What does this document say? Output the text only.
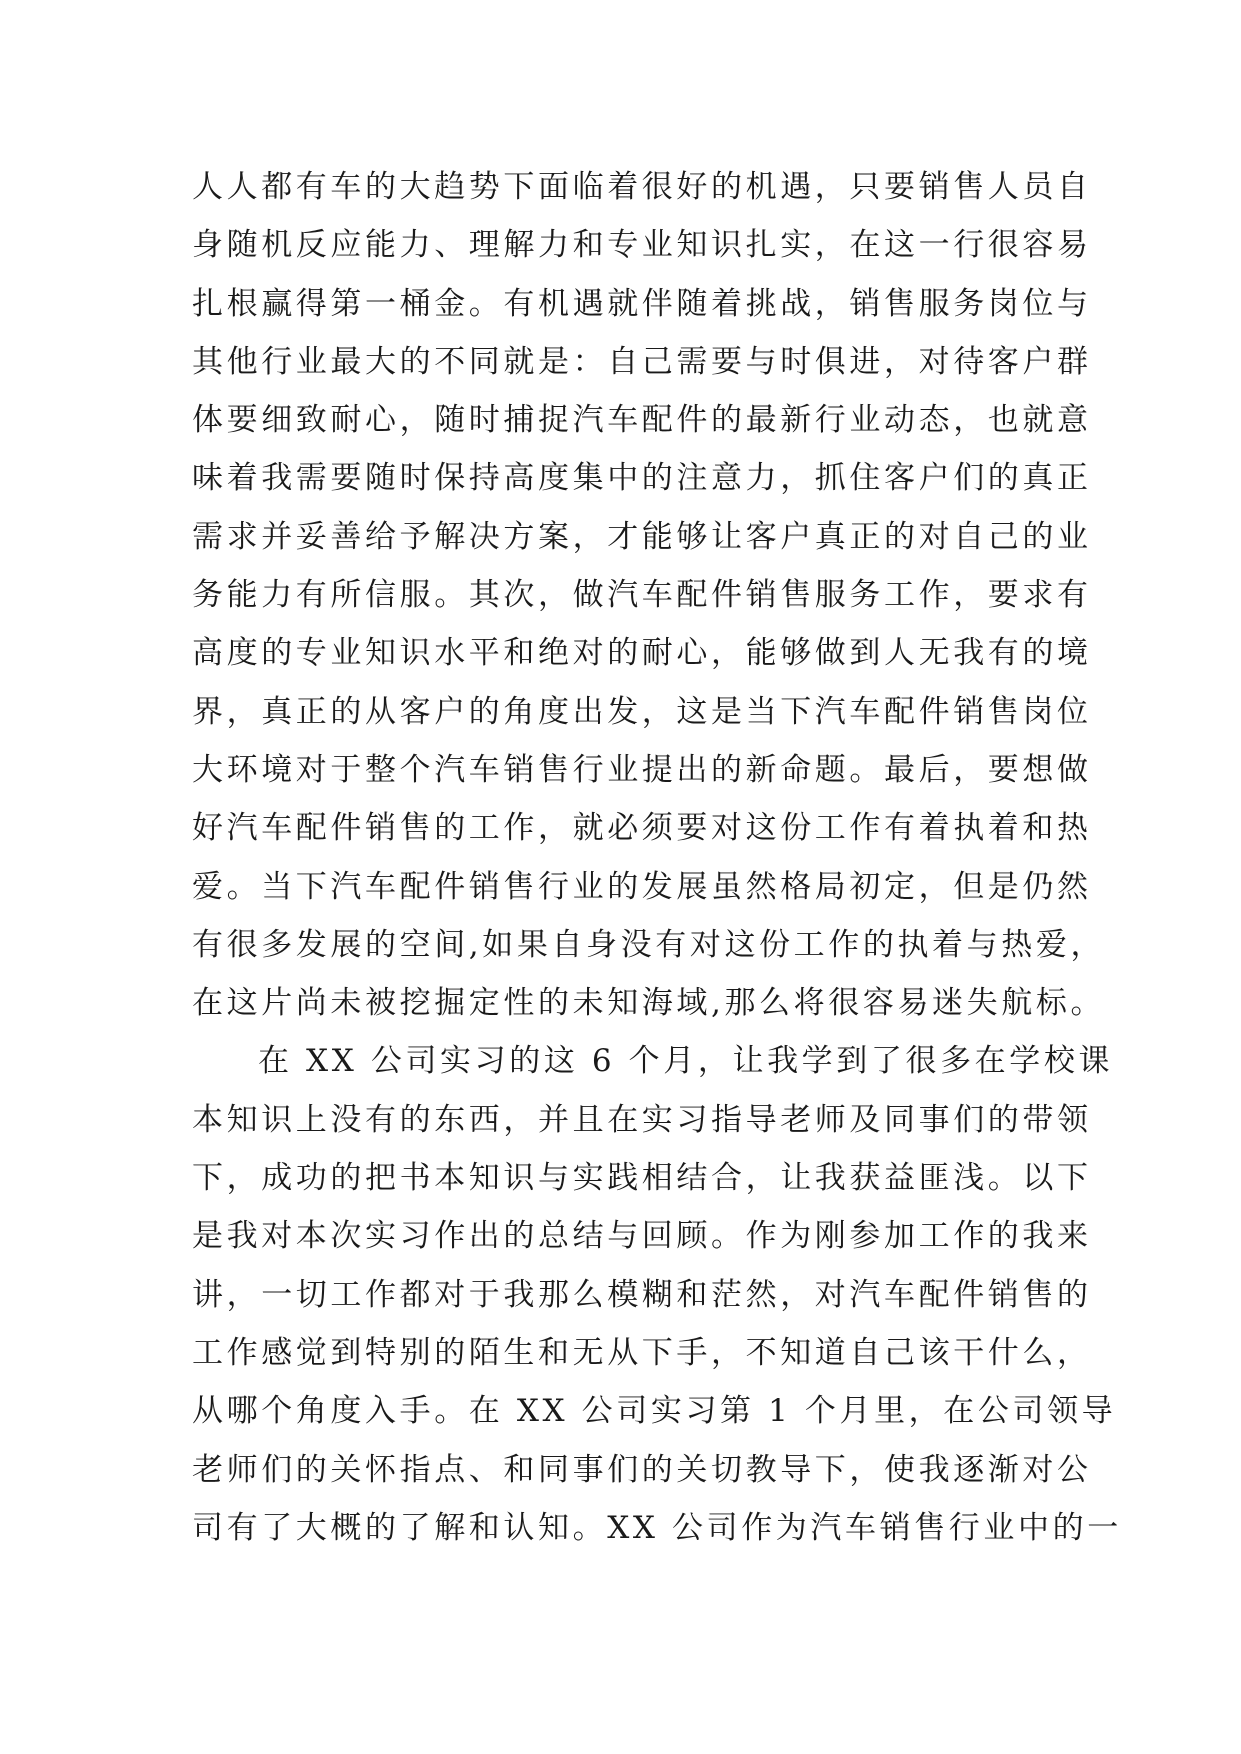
人人都有车的大趋势下面临着很好的机遇，只要销售人员自
身随机反应能力、理解力和专业知识扎实，在这一行很容易
扎根赢得第一桶金。有机遇就伴随着挑战，销售服务岗位与
其他行业最大的不同就是：自己需要与时俱进，对待客户群
体要细致耐心，随时捕捉汽车配件的最新行业动态，也就意
味着我需要随时保持高度集中的注意力，抓住客户们的真正
需求并妥善给予解决方案，才能够让客户真正的对自己的业
务能力有所信服。其次，做汽车配件销售服务工作，要求有
高度的专业知识水平和绝对的耐心，能够做到人无我有的境
界，真正的从客户的角度出发，这是当下汽车配件销售岗位
大环境对于整个汽车销售行业提出的新命题。最后，要想做
好汽车配件销售的工作，就必须要对这份工作有着执着和热
爱。当下汽车配件销售行业的发展虽然格局初定，但是仍然
有很多发展的空间,如果自身没有对这份工作的执着与热爱，
在这片尚未被挖掘定性的未知海域,那么将很容易迷失航标。
在 XX 公司实习的这 6 个月，让我学到了很多在学校课
本知识上没有的东西，并且在实习指导老师及同事们的带领
下，成功的把书本知识与实践相结合，让我获益匪浅。以下
是我对本次实习作出的总结与回顾。作为刚参加工作的我来
讲，一切工作都对于我那么模糊和茫然，对汽车配件销售的
工作感觉到特别的陌生和无从下手，不知道自己该干什么，
从哪个角度入手。在 XX 公司实习第 1 个月里，在公司领导
老师们的关怀指点、和同事们的关切教导下，使我逐渐对公
司有了大概的了解和认知。XX 公司作为汽车销售行业中的一
